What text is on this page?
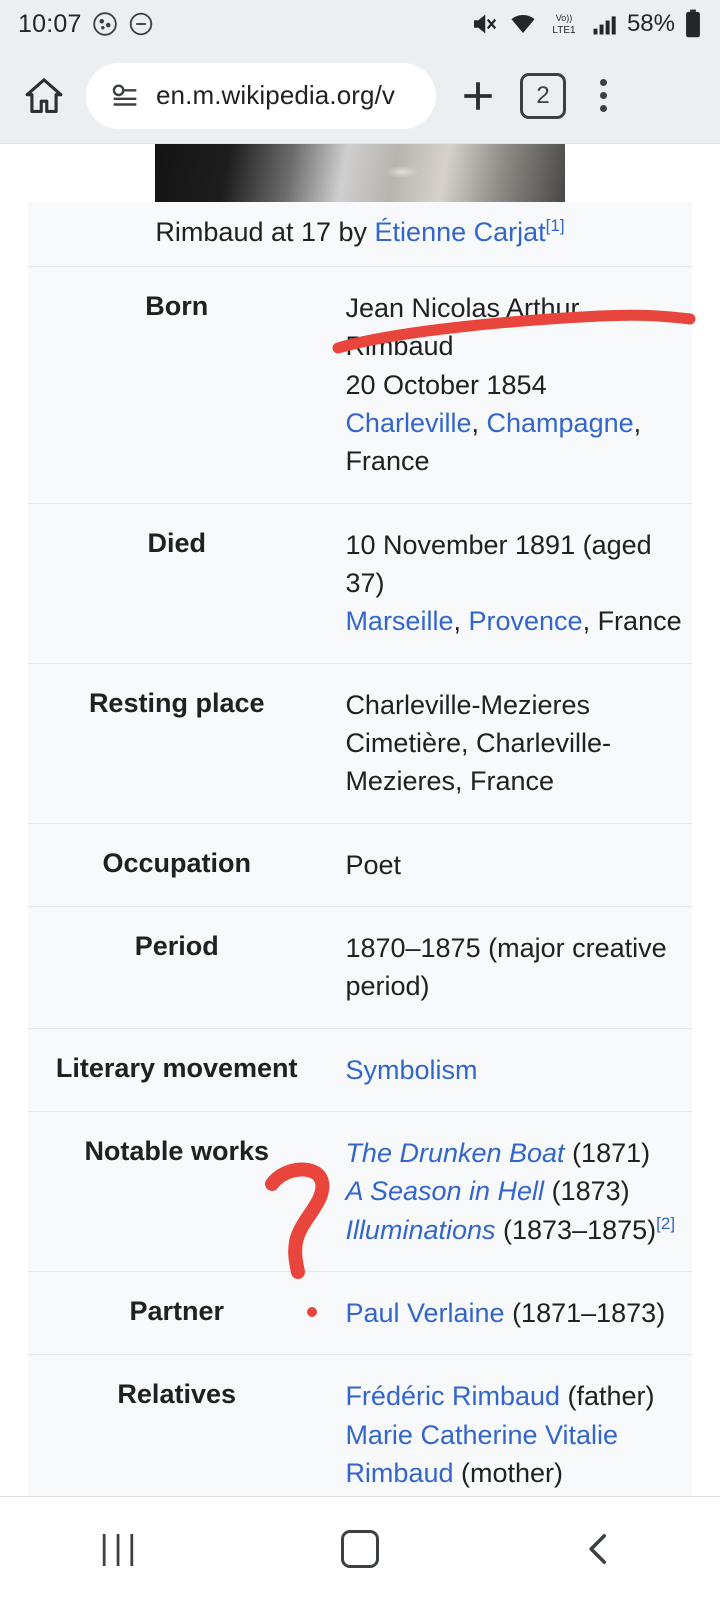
10:07	Vo))
LTE1 58%
en.m.wikipedia.org/v	2
Rimbaud at 17 by Étienne Carjat[1]
Born	Jean Nicolas Arthur Rimbaud
20 October 1854
Charleville, Champagne, France

Died	10 November 1891 (aged 37)
Marseille, Provence, France

Resting place	Charleville-Mezieres Cimetière, Charleville-Mezieres, France

Occupation	Poet

Period	1870–1875 (major creative period)

Literary movement	Symbolism

Notable works	The Drunken Boat (1871)
A Season in Hell (1873)
Illuminations (1873–1875)[2]

Partner	Paul Verlaine (1871–1873)

Relatives	Frédéric Rimbaud (father)
Marie Catherine Vitalie Rimbaud (mother)
|||
